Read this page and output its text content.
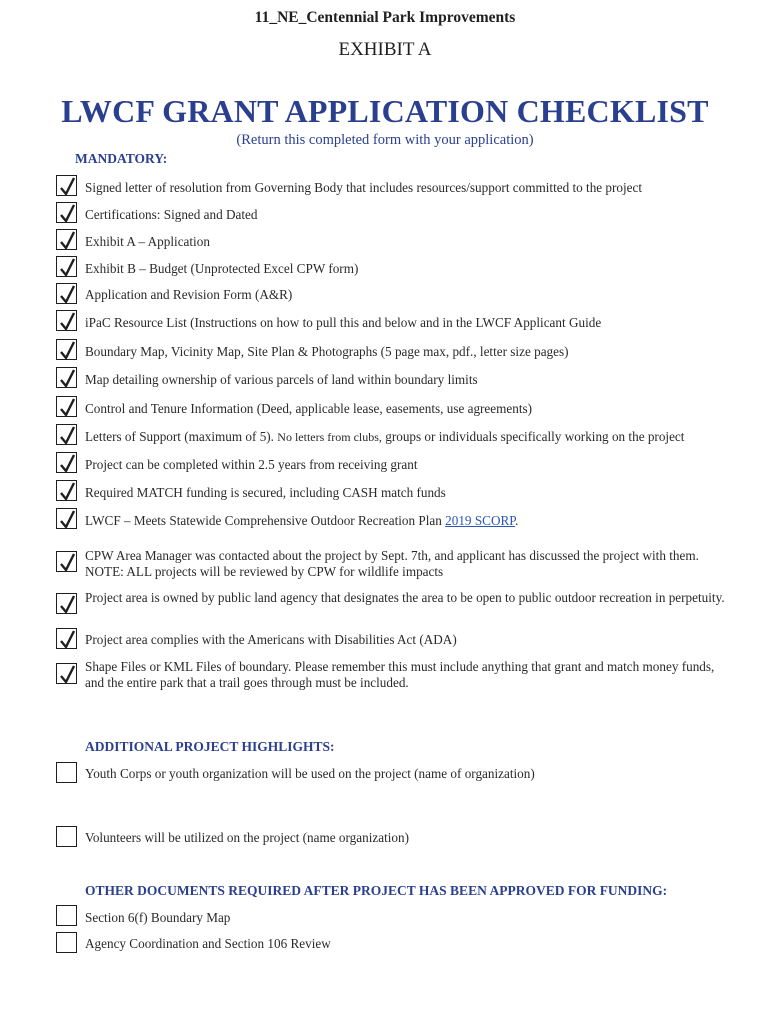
11_NE_Centennial Park Improvements
EXHIBIT A
LWCF GRANT APPLICATION CHECKLIST
(Return this completed form with your application)
MANDATORY:
Signed letter of resolution from Governing Body that includes resources/support committed to the project
Certifications: Signed and Dated
Exhibit A – Application
Exhibit B – Budget (Unprotected Excel CPW form)
Application and Revision Form (A&R)
iPaC Resource List (Instructions on how to pull this and below and in the LWCF Applicant Guide
Boundary Map, Vicinity Map, Site Plan & Photographs (5 page max, pdf., letter size pages)
Map detailing ownership of various parcels of land within boundary limits
Control and Tenure Information (Deed, applicable lease, easements, use agreements)
Letters of Support (maximum of 5). No letters from clubs, groups or individuals specifically working on the project
Project can be completed within 2.5 years from receiving grant
Required MATCH funding is secured, including CASH match funds
LWCF – Meets Statewide Comprehensive Outdoor Recreation Plan 2019 SCORP.
CPW Area Manager was contacted about the project by Sept. 7th, and applicant has discussed the project with them. NOTE: ALL projects will be reviewed by CPW for wildlife impacts
Project area is owned by public land agency that designates the area to be open to public outdoor recreation in perpetuity.
Project area complies with the Americans with Disabilities Act (ADA)
Shape Files or KML Files of boundary. Please remember this must include anything that grant and match money funds, and the entire park that a trail goes through must be included.
ADDITIONAL PROJECT HIGHLIGHTS:
Youth Corps or youth organization will be used on the project (name of organization)
Volunteers will be utilized on the project (name organization)
OTHER DOCUMENTS REQUIRED AFTER PROJECT HAS BEEN APPROVED FOR FUNDING:
Section 6(f) Boundary Map
Agency Coordination and Section 106 Review
